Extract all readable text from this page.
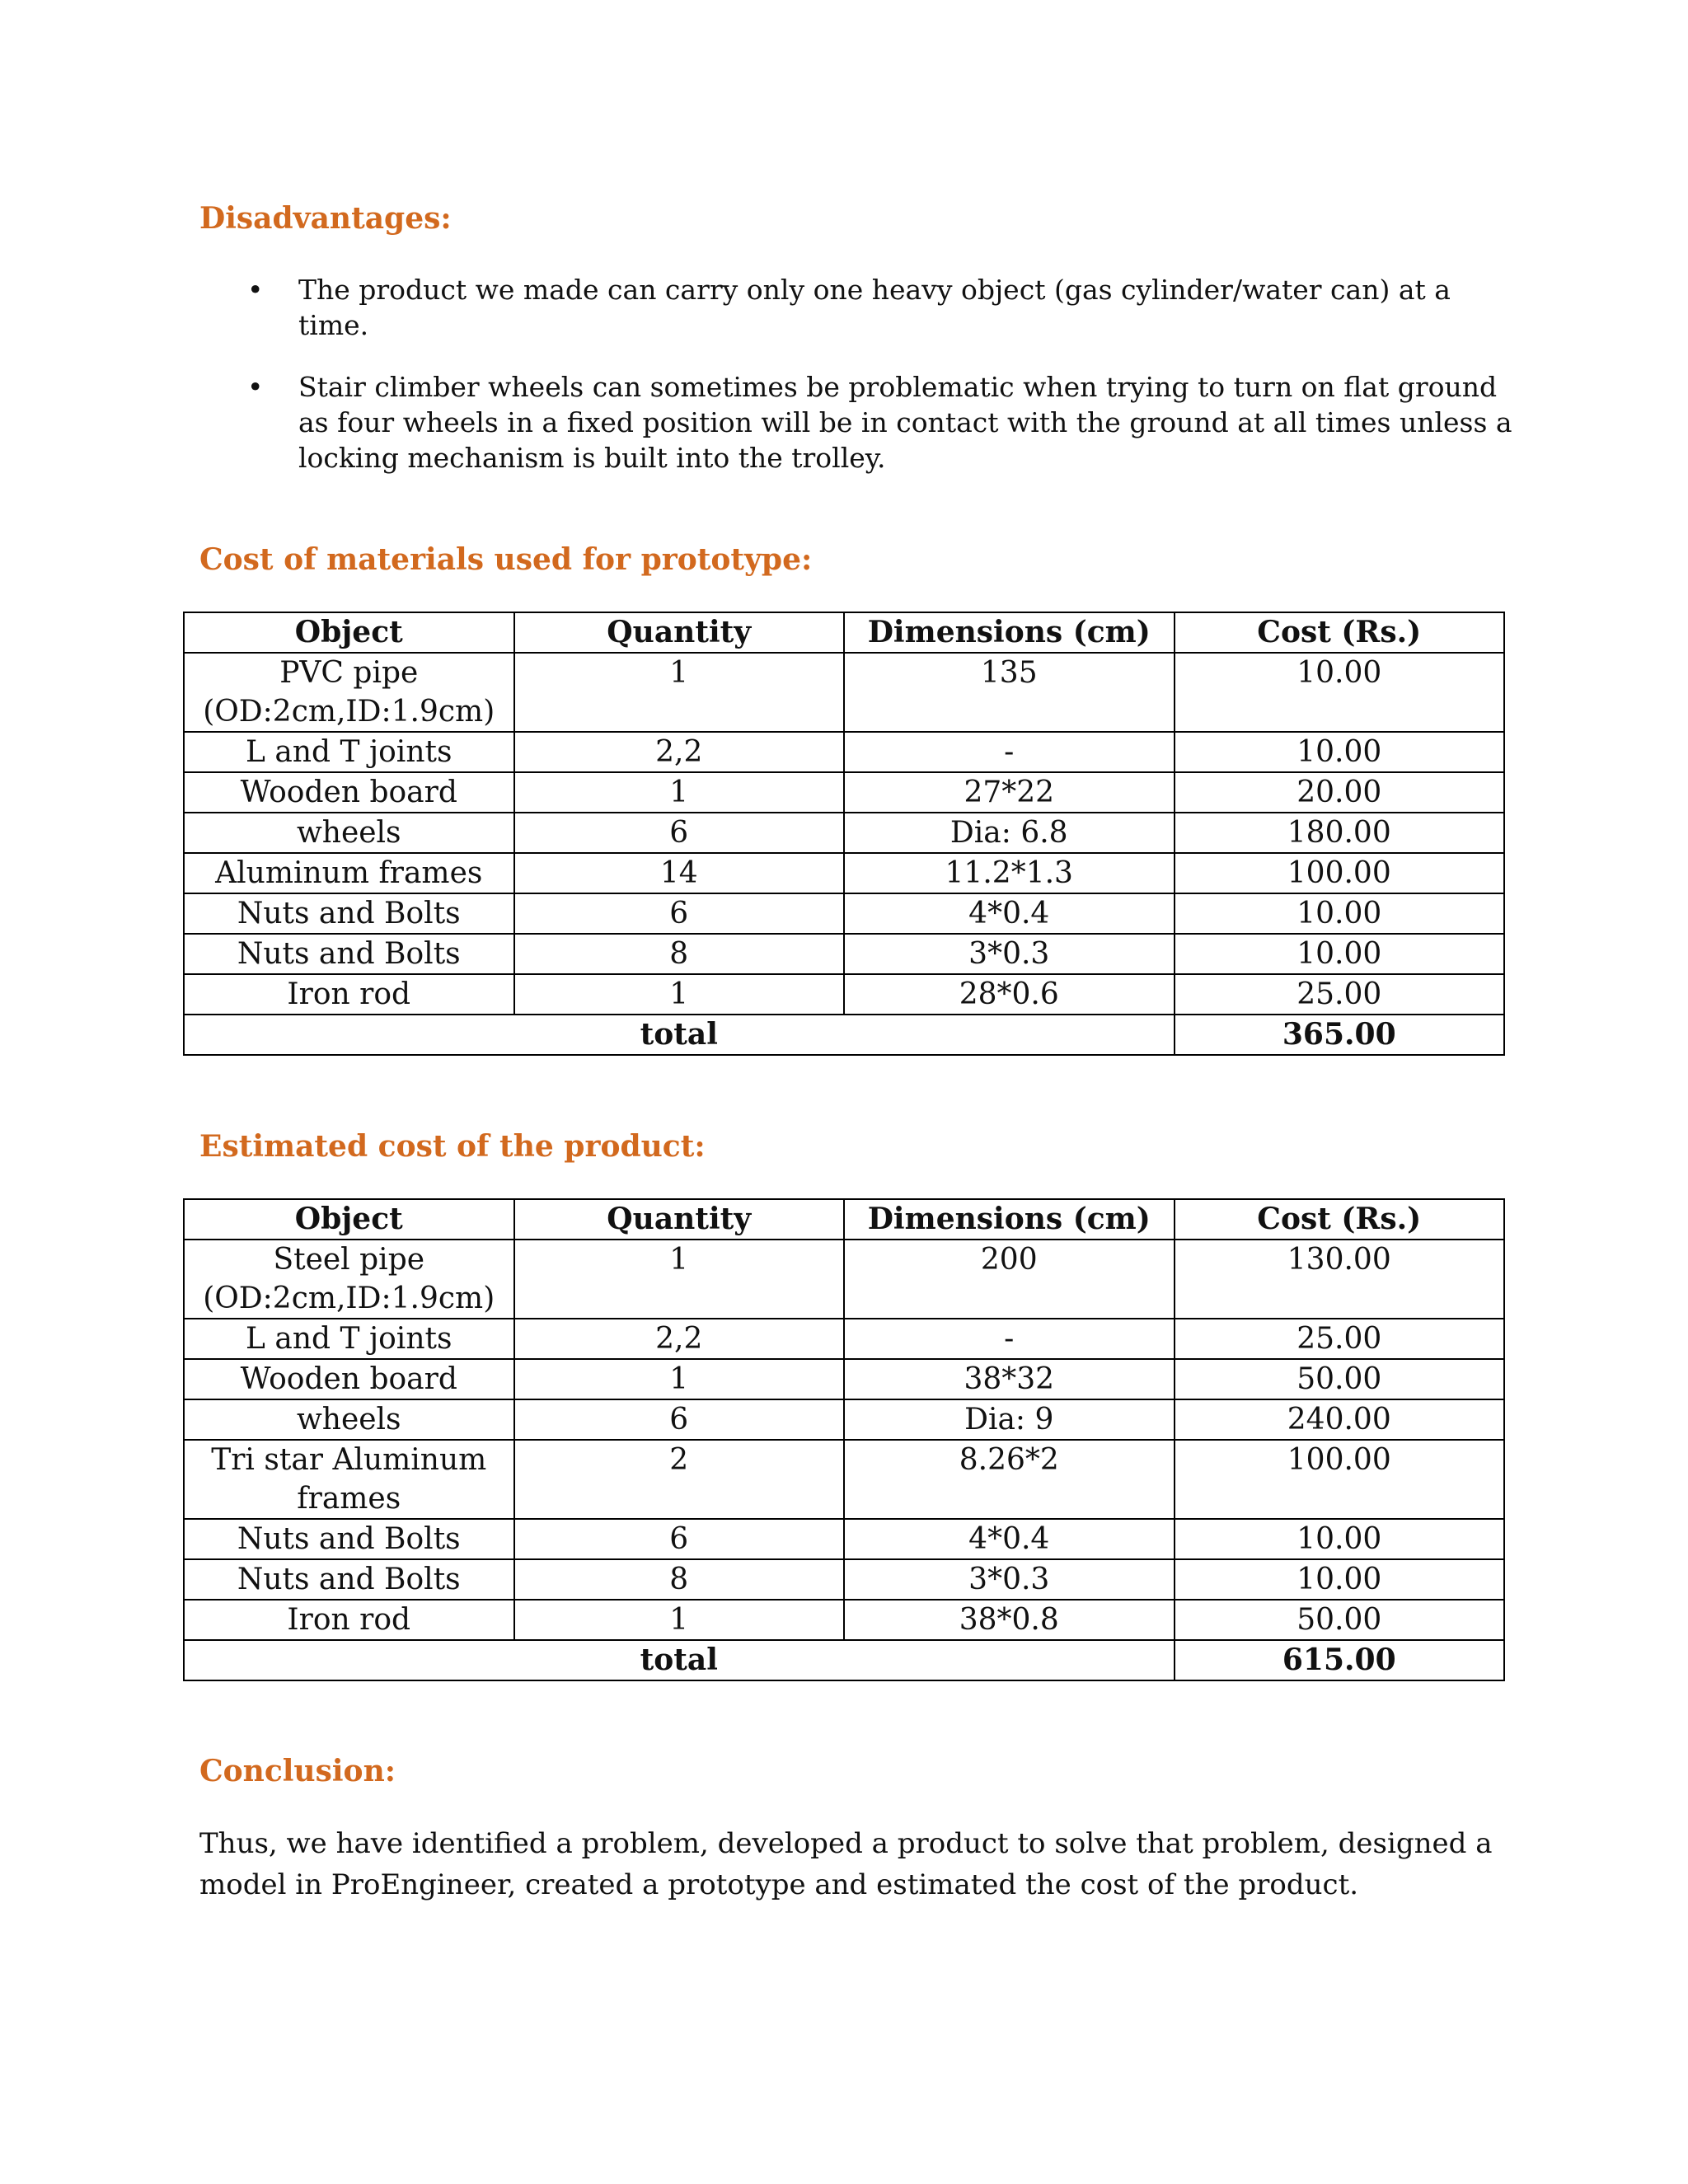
Disadvantages:
• The product we made can carry only one heavy object (gas cylinder/water can) at a time.
• Stair climber wheels can sometimes be problematic when trying to turn on flat ground as four wheels in a fixed position will be in contact with the ground at all times unless a locking mechanism is built into the trolley.
Cost of materials used for prototype:
Object	Quantity	Dimensions (cm)	Cost (Rs.)
PVC pipe (OD:2cm,ID:1.9cm)	1	135	10.00
L and T joints	2,2	-	10.00
Wooden board	1	27*22	20.00
wheels	6	Dia: 6.8	180.00
Aluminum frames	14	11.2*1.3	100.00
Nuts and Bolts	6	4*0.4	10.00
Nuts and Bolts	8	3*0.3	10.00
Iron rod	1	28*0.6	25.00
total			365.00
Estimated cost of the product:
Object	Quantity	Dimensions (cm)	Cost (Rs.)
Steel pipe (OD:2cm,ID:1.9cm)	1	200	130.00
L and T joints	2,2	-	25.00
Wooden board	1	38*32	50.00
wheels	6	Dia: 9	240.00
Tri star Aluminum frames	2	8.26*2	100.00
Nuts and Bolts	6	4*0.4	10.00
Nuts and Bolts	8	3*0.3	10.00
Iron rod	1	38*0.8	50.00
total			615.00
Conclusion:

Thus, we have identified a problem, developed a product to solve that problem, designed a model in ProEngineer, created a prototype and estimated the cost of the product.
